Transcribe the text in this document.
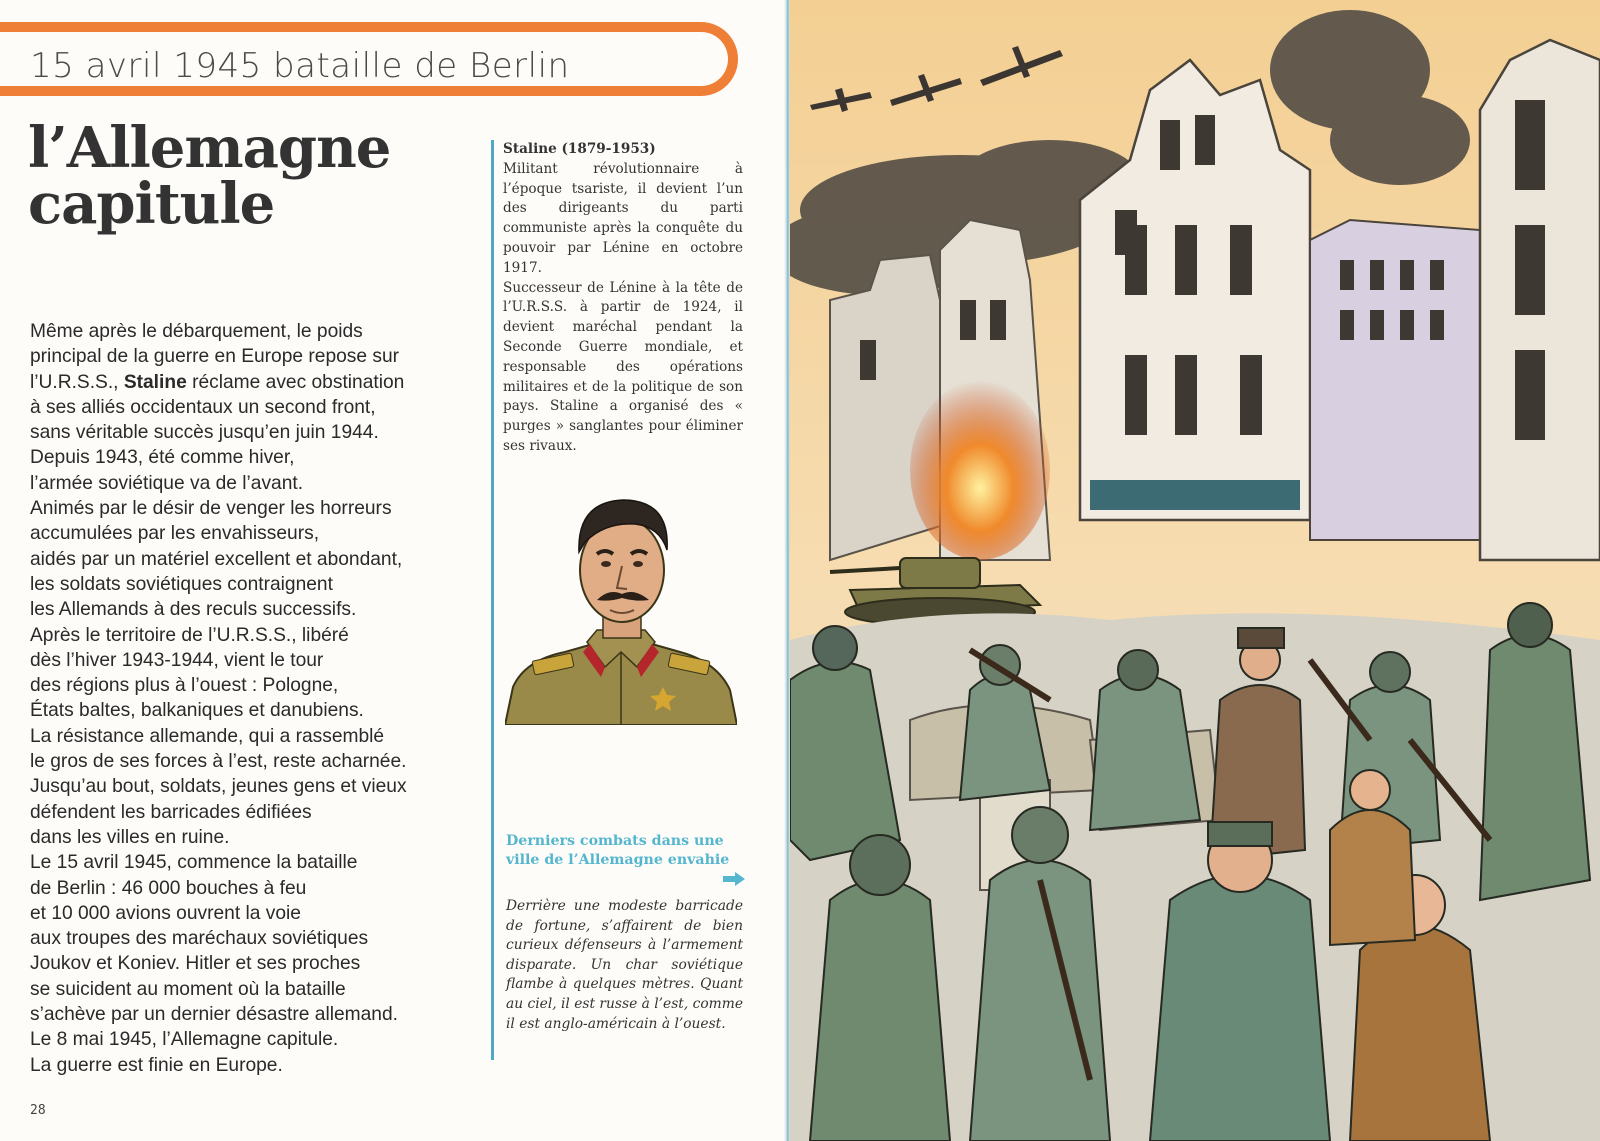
15 avril 1945 bataille de Berlin
l’Allemagne
capitule
Même après le débarquement, le poids
principal de la guerre en Europe repose sur
l’U.R.S.S., Staline réclame avec obstination
à ses alliés occidentaux un second front,
sans véritable succès jusqu’en juin 1944.
Depuis 1943, été comme hiver,
l’armée soviétique va de l’avant.
Animés par le désir de venger les horreurs
accumulées par les envahisseurs,
aidés par un matériel excellent et abondant,
les soldats soviétiques contraignent
les Allemands à des reculs successifs.
Après le territoire de l’U.R.S.S., libéré
dès l’hiver 1943-1944, vient le tour
des régions plus à l’ouest : Pologne,
États baltes, balkaniques et danubiens.
La résistance allemande, qui a rassemblé
le gros de ses forces à l’est, reste acharnée.
Jusqu’au bout, soldats, jeunes gens et vieux
défendent les barricades édifiées
dans les villes en ruine.
Le 15 avril 1945, commence la bataille
de Berlin : 46 000 bouches à feu
et 10 000 avions ouvrent la voie
aux troupes des maréchaux soviétiques
Joukov et Koniev. Hitler et ses proches
se suicident au moment où la bataille
s’achève par un dernier désastre allemand.
Le 8 mai 1945, l’Allemagne capitule.
La guerre est finie en Europe.
Staline (1879-1953)
Militant révolutionnaire à l’époque tsariste, il devient l’un des dirigeants du parti communiste après la conquête du pouvoir par Lénine en octobre 1917.
Successeur de Lénine à la tête de l’U.R.S.S. à partir de 1924, il devient maréchal pendant la Seconde Guerre mondiale, et responsable des opérations militaires et de la politique de son pays. Staline a organisé des « purges » sanglantes pour éliminer ses rivaux.
Derniers combats dans une ville de l’Allemagne envahie
Derrière une modeste barricade de fortune, s’affairent de bien curieux défenseurs à l’armement disparate. Un char soviétique flambe à quelques mètres. Quant au ciel, il est russe à l’est, comme il est anglo-américain à l’ouest.
28
